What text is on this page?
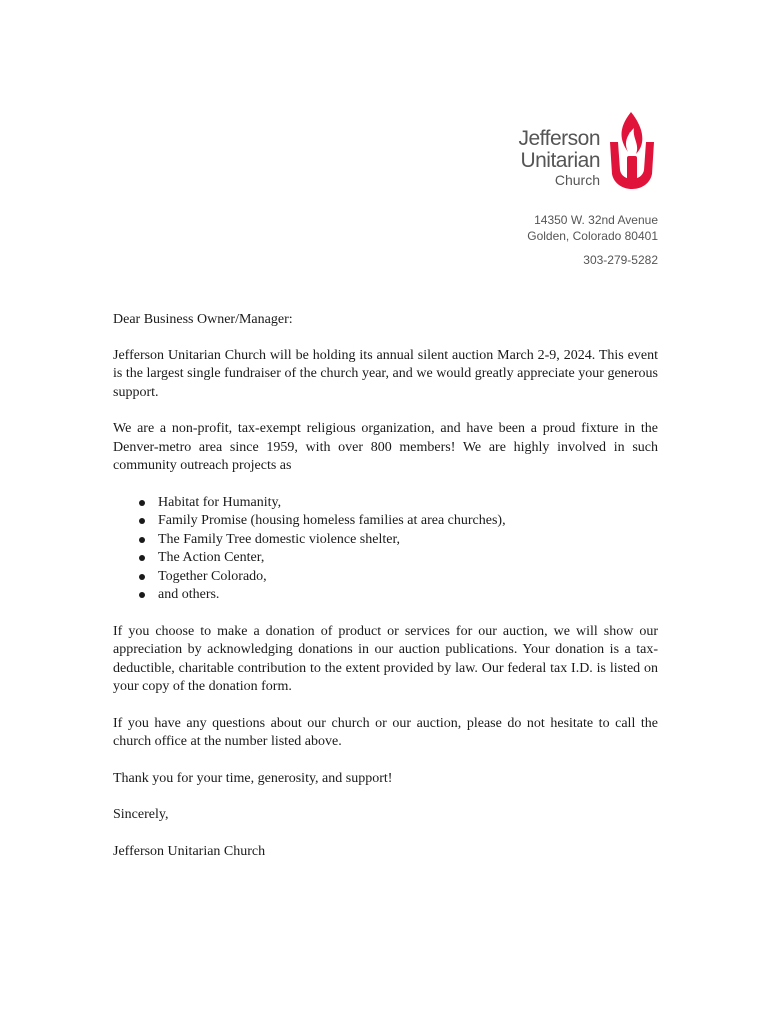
Jefferson
Unitarian
Church
14350 W. 32nd Avenue
Golden, Colorado 80401
303-279-5282

Dear Business Owner/Manager:

Jefferson Unitarian Church will be holding its annual silent auction March 2-9, 2024. This event is the largest single fundraiser of the church year, and we would greatly appreciate your generous support.

We are a non-profit, tax-exempt religious organization, and have been a proud fixture in the Denver-metro area since 1959, with over 800 members! We are highly involved in such community outreach projects as

Habitat for Humanity,
Family Promise (housing homeless families at area churches),
The Family Tree domestic violence shelter,
The Action Center,
Together Colorado,
and others.

If you choose to make a donation of product or services for our auction, we will show our appreciation by acknowledging donations in our auction publications. Your donation is a tax-deductible, charitable contribution to the extent provided by law. Our federal tax I.D. is listed on your copy of the donation form.

If you have any questions about our church or our auction, please do not hesitate to call the church office at the number listed above.

Thank you for your time, generosity, and support!

Sincerely,

Jefferson Unitarian Church
